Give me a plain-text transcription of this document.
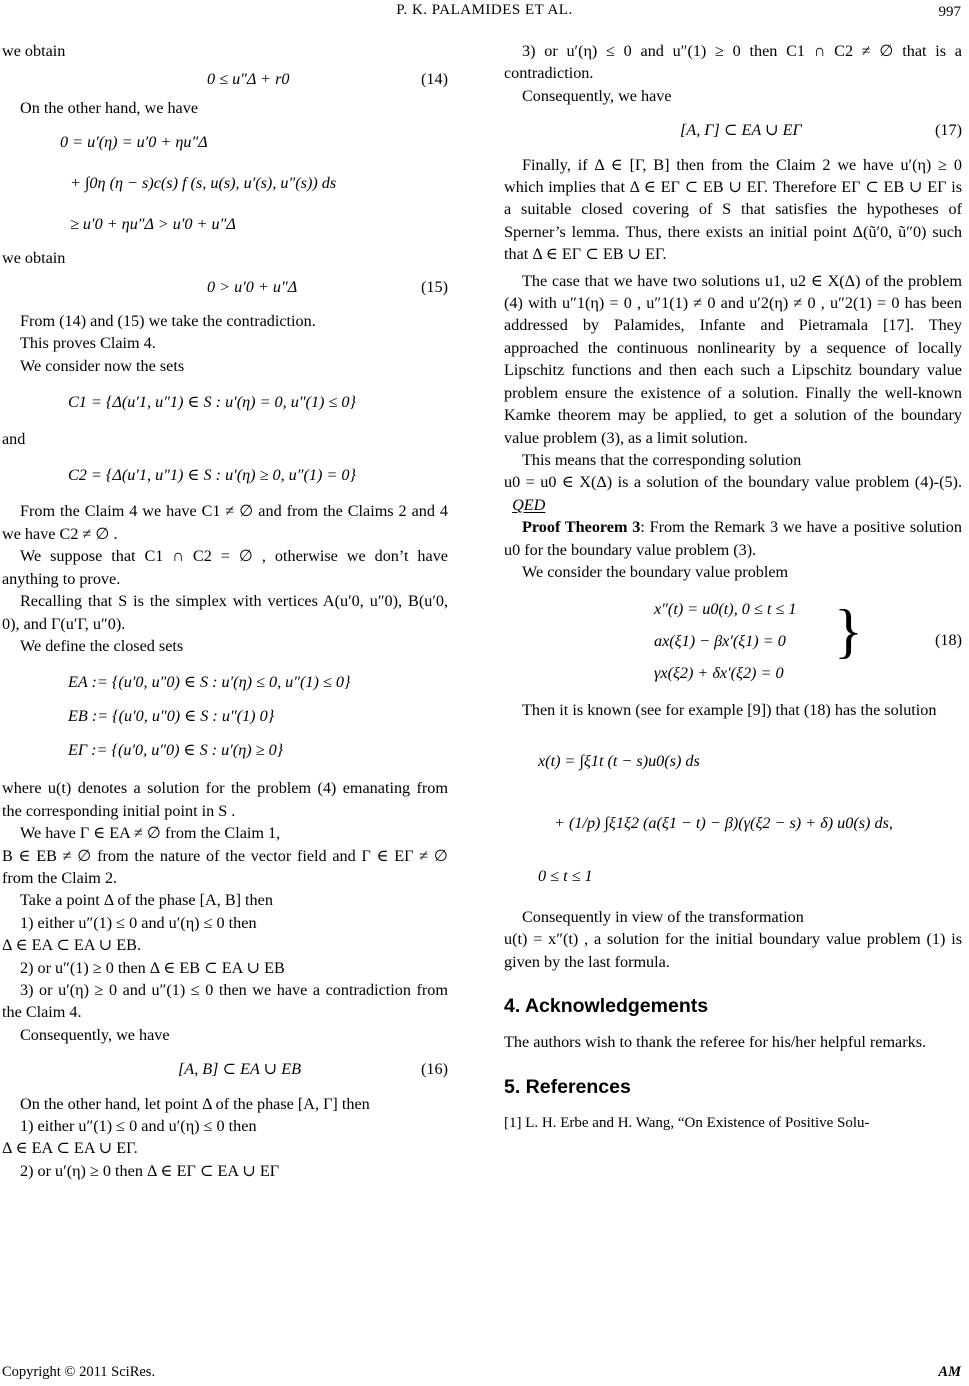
P. K. PALAMIDES ET AL.	997

we obtain

0 ≤ u″Δ + r0	(14)

On the other hand, we have

0 = u′(η) = u′0 + ηu″Δ
+ ∫0η (η − s)c(s) f (s, u(s), u′(s), u″(s)) ds
≥ u′0 + ηu″Δ > u′0 + u″Δ

we obtain

0 > u′0 + u″Δ	(15)

From (14) and (15) we take the contradiction.

This proves Claim 4.

We consider now the sets

C1 = {Δ(u′1, u″1) ∈ S : u′(η) = 0, u″(1) ≤ 0}

and

C2 = {Δ(u′1, u″1) ∈ S : u′(η) ≥ 0, u″(1) = 0}

From the Claim 4 we have C1 ≠ ∅ and from the Claims 2 and 4 we have C2 ≠ ∅ .

We suppose that C1 ∩ C2 = ∅ , otherwise we don’t have anything to prove.

Recalling that S is the simplex with vertices A(u′0, u″0), B(u′0, 0), and Γ(u′Γ, u″0).

We define the closed sets

EA := {(u′0, u″0) ∈ S : u′(η) ≤ 0, u″(1) ≤ 0}
EB := {(u′0, u″0) ∈ S : u″(1) 0}
EΓ := {(u′0, u″0) ∈ S : u′(η) ≥ 0}

where u(t) denotes a solution for the problem (4) emanating from the corresponding initial point in S .

We have Γ ∈ EA ≠ ∅ from the Claim 1,

B ∈ EB ≠ ∅ from the nature of the vector field and Γ ∈ EΓ ≠ ∅ from the Claim 2.

Take a point Δ of the phase [A, B] then

1) either u″(1) ≤ 0 and u′(η) ≤ 0 then

Δ ∈ EA ⊂ EA ∪ EB.

2) or u″(1) ≥ 0 then Δ ∈ EB ⊂ EA ∪ EB

3) or u′(η) ≥ 0 and u″(1) ≤ 0 then we have a contradiction from the Claim 4.

Consequently, we have

[A, B] ⊂ EA ∪ EB	(16)

On the other hand, let point Δ of the phase [A, Γ] then

1) either u″(1) ≤ 0 and u′(η) ≤ 0 then

Δ ∈ EA ⊂ EA ∪ EΓ.

2) or u′(η) ≥ 0 then Δ ∈ EΓ ⊂ EA ∪ EΓ

3) or u′(η) ≤ 0 and u″(1) ≥ 0 then C1 ∩ C2 ≠ ∅ that is a contradiction.

Consequently, we have

[A, Γ] ⊂ EA ∪ EΓ	(17)

Finally, if Δ ∈ [Γ, B] then from the Claim 2 we have u′(η) ≥ 0 which implies that Δ ∈ EΓ ⊂ EB ∪ EΓ. Therefore EΓ ⊂ EB ∪ EΓ is a suitable closed covering of S that satisfies the hypotheses of Sperner’s lemma. Thus, there exists an initial point Δ(ũ′0, ũ″0) such that Δ ∈ EΓ ⊂ EB ∪ EΓ.

The case that we have two solutions u1, u2 ∈ X(Δ) of the problem (4) with u″1(η) = 0 , u″1(1) ≠ 0 and u′2(η) ≠ 0 , u″2(1) = 0 has been addressed by Palamides, Infante and Pietramala [17]. They approached the continuous nonlinearity by a sequence of locally Lipschitz functions and then each such a Lipschitz boundary value problem ensure the existence of a solution. Finally the well-known Kamke theorem may be applied, to get a solution of the boundary value problem (3), as a limit solution.

This means that the corresponding solution

u0 = u0 ∈ X(Δ) is a solution of the boundary value problem (4)-(5).   QED

Proof Theorem 3: From the Remark 3 we have a positive solution u0 for the boundary value problem (3).

We consider the boundary value problem

x″(t) = u0(t), 0 ≤ t ≤ 1
ax(ξ1) − βx′(ξ1) = 0
γx(ξ2) + δx′(ξ2) = 0
}	(18)

Then it is known (see for example [9]) that (18) has the solution

x(t) = ∫ξ1t (t − s)u0(s) ds
+ (1/p) ∫ξ1ξ2 (a(ξ1 − t) − β)(γ(ξ2 − s) + δ) u0(s) ds,
0 ≤ t ≤ 1

Consequently in view of the transformation

u(t) = x″(t) , a solution for the initial boundary value problem (1) is given by the last formula.

4. Acknowledgements

The authors wish to thank the referee for his/her helpful remarks.

5. References

[1] L. H. Erbe and H. Wang, “On Existence of Positive Solu-

Copyright © 2011 SciRes.	AM
